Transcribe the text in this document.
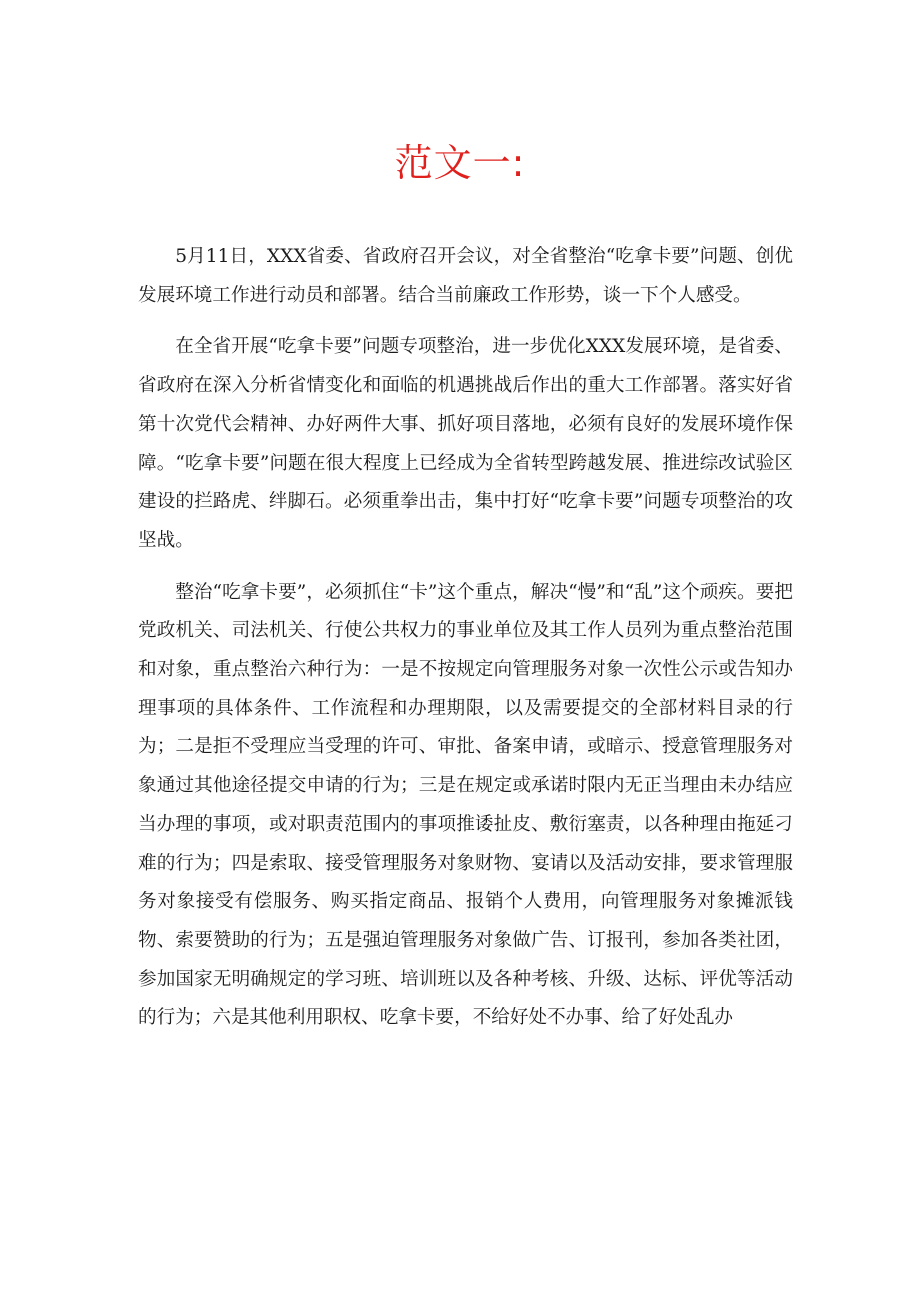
范文一:

5月11日，XXX省委、省政府召开会议，对全省整治“吃拿卡要”问题、创优发展环境工作进行动员和部署。结合当前廉政工作形势，谈一下个人感受。

在全省开展“吃拿卡要”问题专项整治，进一步优化XXX发展环境，是省委、省政府在深入分析省情变化和面临的机遇挑战后作出的重大工作部署。落实好省第十次党代会精神、办好两件大事、抓好项目落地，必须有良好的发展环境作保障。“吃拿卡要”问题在很大程度上已经成为全省转型跨越发展、推进综改试验区建设的拦路虎、绊脚石。必须重拳出击，集中打好“吃拿卡要”问题专项整治的攻坚战。

整治“吃拿卡要”，必须抓住“卡”这个重点，解决“慢”和“乱”这个顽疾。要把党政机关、司法机关、行使公共权力的事业单位及其工作人员列为重点整治范围和对象，重点整治六种行为：一是不按规定向管理服务对象一次性公示或告知办理事项的具体条件、工作流程和办理期限，以及需要提交的全部材料目录的行为；二是拒不受理应当受理的许可、审批、备案申请，或暗示、授意管理服务对象通过其他途径提交申请的行为；三是在规定或承诺时限内无正当理由未办结应当办理的事项，或对职责范围内的事项推诿扯皮、敷衍塞责，以各种理由拖延刁难的行为；四是索取、接受管理服务对象财物、宴请以及活动安排，要求管理服务对象接受有偿服务、购买指定商品、报销个人费用，向管理服务对象摊派钱物、索要赞助的行为；五是强迫管理服务对象做广告、订报刊，参加各类社团，参加国家无明确规定的学习班、培训班以及各种考核、升级、达标、评优等活动的行为；六是其他利用职权、吃拿卡要，不给好处不办事、给了好处乱办
